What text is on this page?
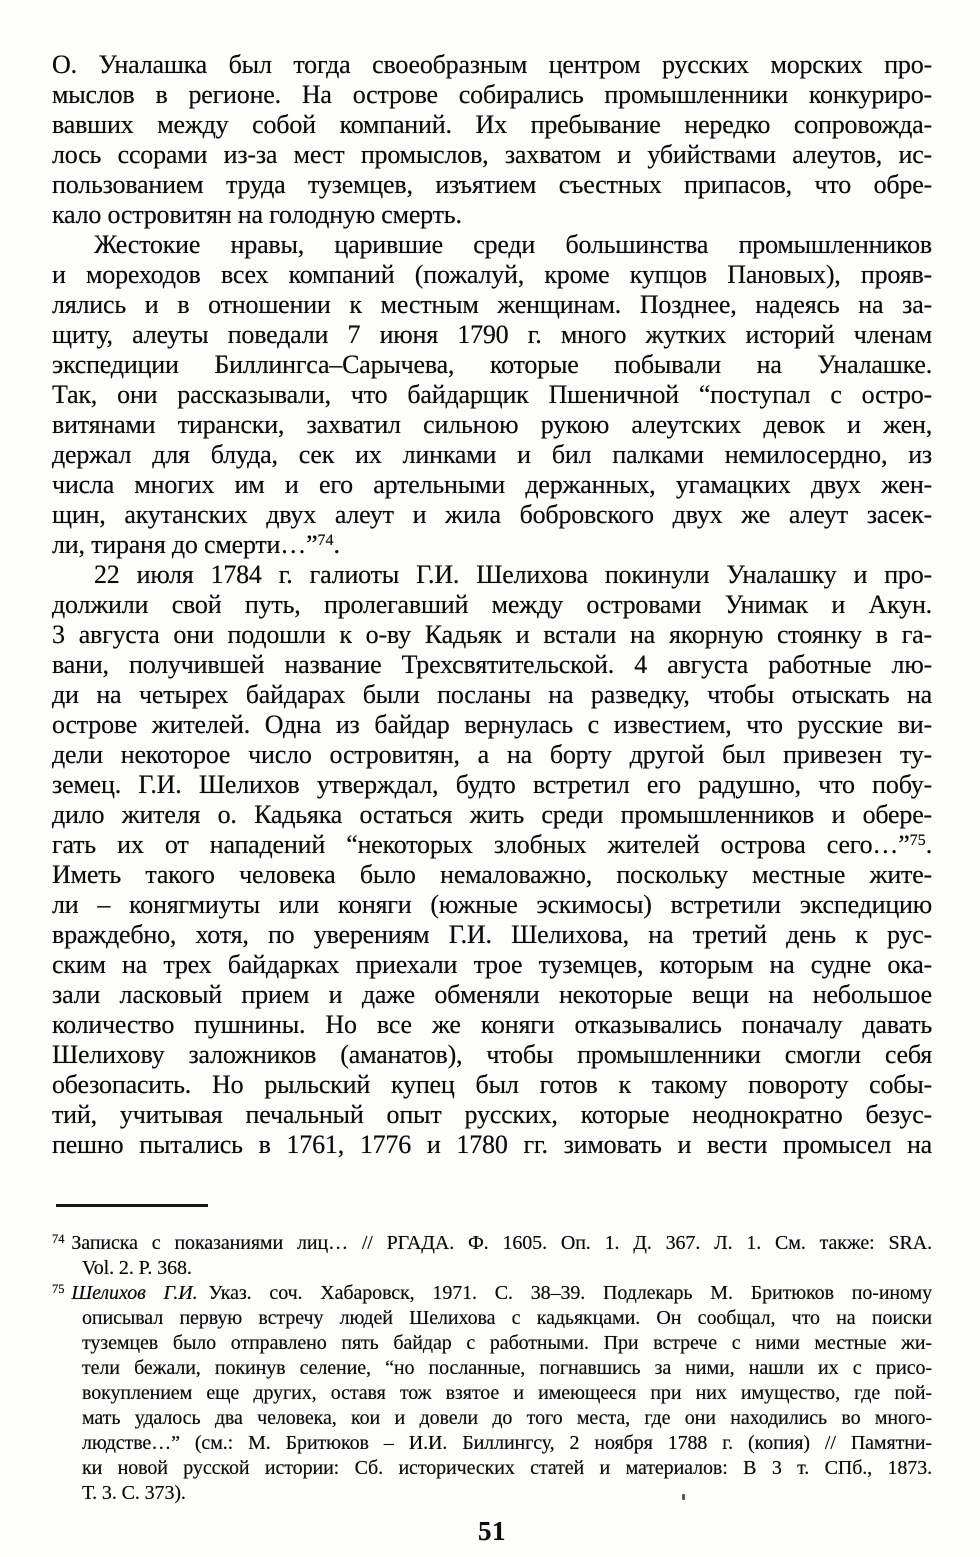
О. Уналашка был тогда своеобразным центром русских морских про-
мыслов в регионе. На острове собирались промышленники конкуриро-
вавших между собой компаний. Их пребывание нередко сопровожда-
лось ссорами из-за мест промыслов, захватом и убийствами алеутов, ис-
пользованием труда туземцев, изъятием съестных припасов, что обре-
кало островитян на голодную смерть.
Жестокие нравы, царившие среди большинства промышленников
и мореходов всех компаний (пожалуй, кроме купцов Пановых), прояв-
лялись и в отношении к местным женщинам. Позднее, надеясь на за-
щиту, алеуты поведали 7 июня 1790 г. много жутких историй членам
экспедиции Биллингса–Сарычева, которые побывали на Уналашке.
Так, они рассказывали, что байдарщик Пшеничной “поступал с остро-
витянами тирански, захватил сильною рукою алеутских девок и жен,
держал для блуда, сек их линками и бил палками немилосердно, из
числа многих им и его артельными держанных, угамацких двух жен-
щин, акутанских двух алеут и жила бобровского двух же алеут засек-
ли, тираня до смерти…”$^{74}$.
22 июля 1784 г. галиоты Г.И. Шелихова покинули Уналашку и про-
должили свой путь, пролегавший между островами Унимак и Акун.
3 августа они подошли к о-ву Кадьяк и встали на якорную стоянку в га-
вани, получившей название Трехсвятительской. 4 августа работные лю-
ди на четырех байдарах были посланы на разведку, чтобы отыскать на
острове жителей. Одна из байдар вернулась с известием, что русские ви-
дели некоторое число островитян, а на борту другой был привезен ту-
земец. Г.И. Шелихов утверждал, будто встретил его радушно, что побу-
дило жителя о. Кадьяка остаться жить среди промышленников и обере-
гать их от нападений “некоторых злобных жителей острова сего…”$^{75}$.
Иметь такого человека было немаловажно, поскольку местные жите-
ли – конягмиуты или коняги (южные эскимосы) встретили экспедицию
враждебно, хотя, по уверениям Г.И. Шелихова, на третий день к рус-
ским на трех байдарках приехали трое туземцев, которым на судне ока-
зали ласковый прием и даже обменяли некоторые вещи на небольшое
количество пушнины. Но все же коняги отказывались поначалу давать
Шелихову заложников (аманатов), чтобы промышленники смогли себя
обезопасить. Но рыльский купец был готов к такому повороту собы-
тий, учитывая печальный опыт русских, которые неоднократно безус-
пешно пытались в 1761, 1776 и 1780 гг. зимовать и вести промысел на
$^{74}$ Записка с показаниями лиц… // РГАДА. Ф. 1605. Оп. 1. Д. 367. Л. 1. См. также: SRA.
Vol. 2. P. 368.
$^{75}$ Шелихов Г.И. Указ. соч. Хабаровск, 1971. С. 38–39. Подлекарь М. Бритюков по-иному
описывал первую встречу людей Шелихова с кадьякцами. Он сообщал, что на поиски
туземцев было отправлено пять байдар с работными. При встрече с ними местные жи-
тели бежали, покинув селение, “но посланные, погнавшись за ними, нашли их с присо-
вокуплением еще других, оставя тож взятое и имеющееся при них имущество, где пой-
мать удалось два человека, кои и довели до того места, где они находились во много-
людстве…” (см.: М. Бритюков – И.И. Биллингсу, 2 ноября 1788 г. (копия) // Памятни-
ки новой русской истории: Сб. исторических статей и материалов: В 3 т. СПб., 1873.
Т. 3. С. 373).
51
